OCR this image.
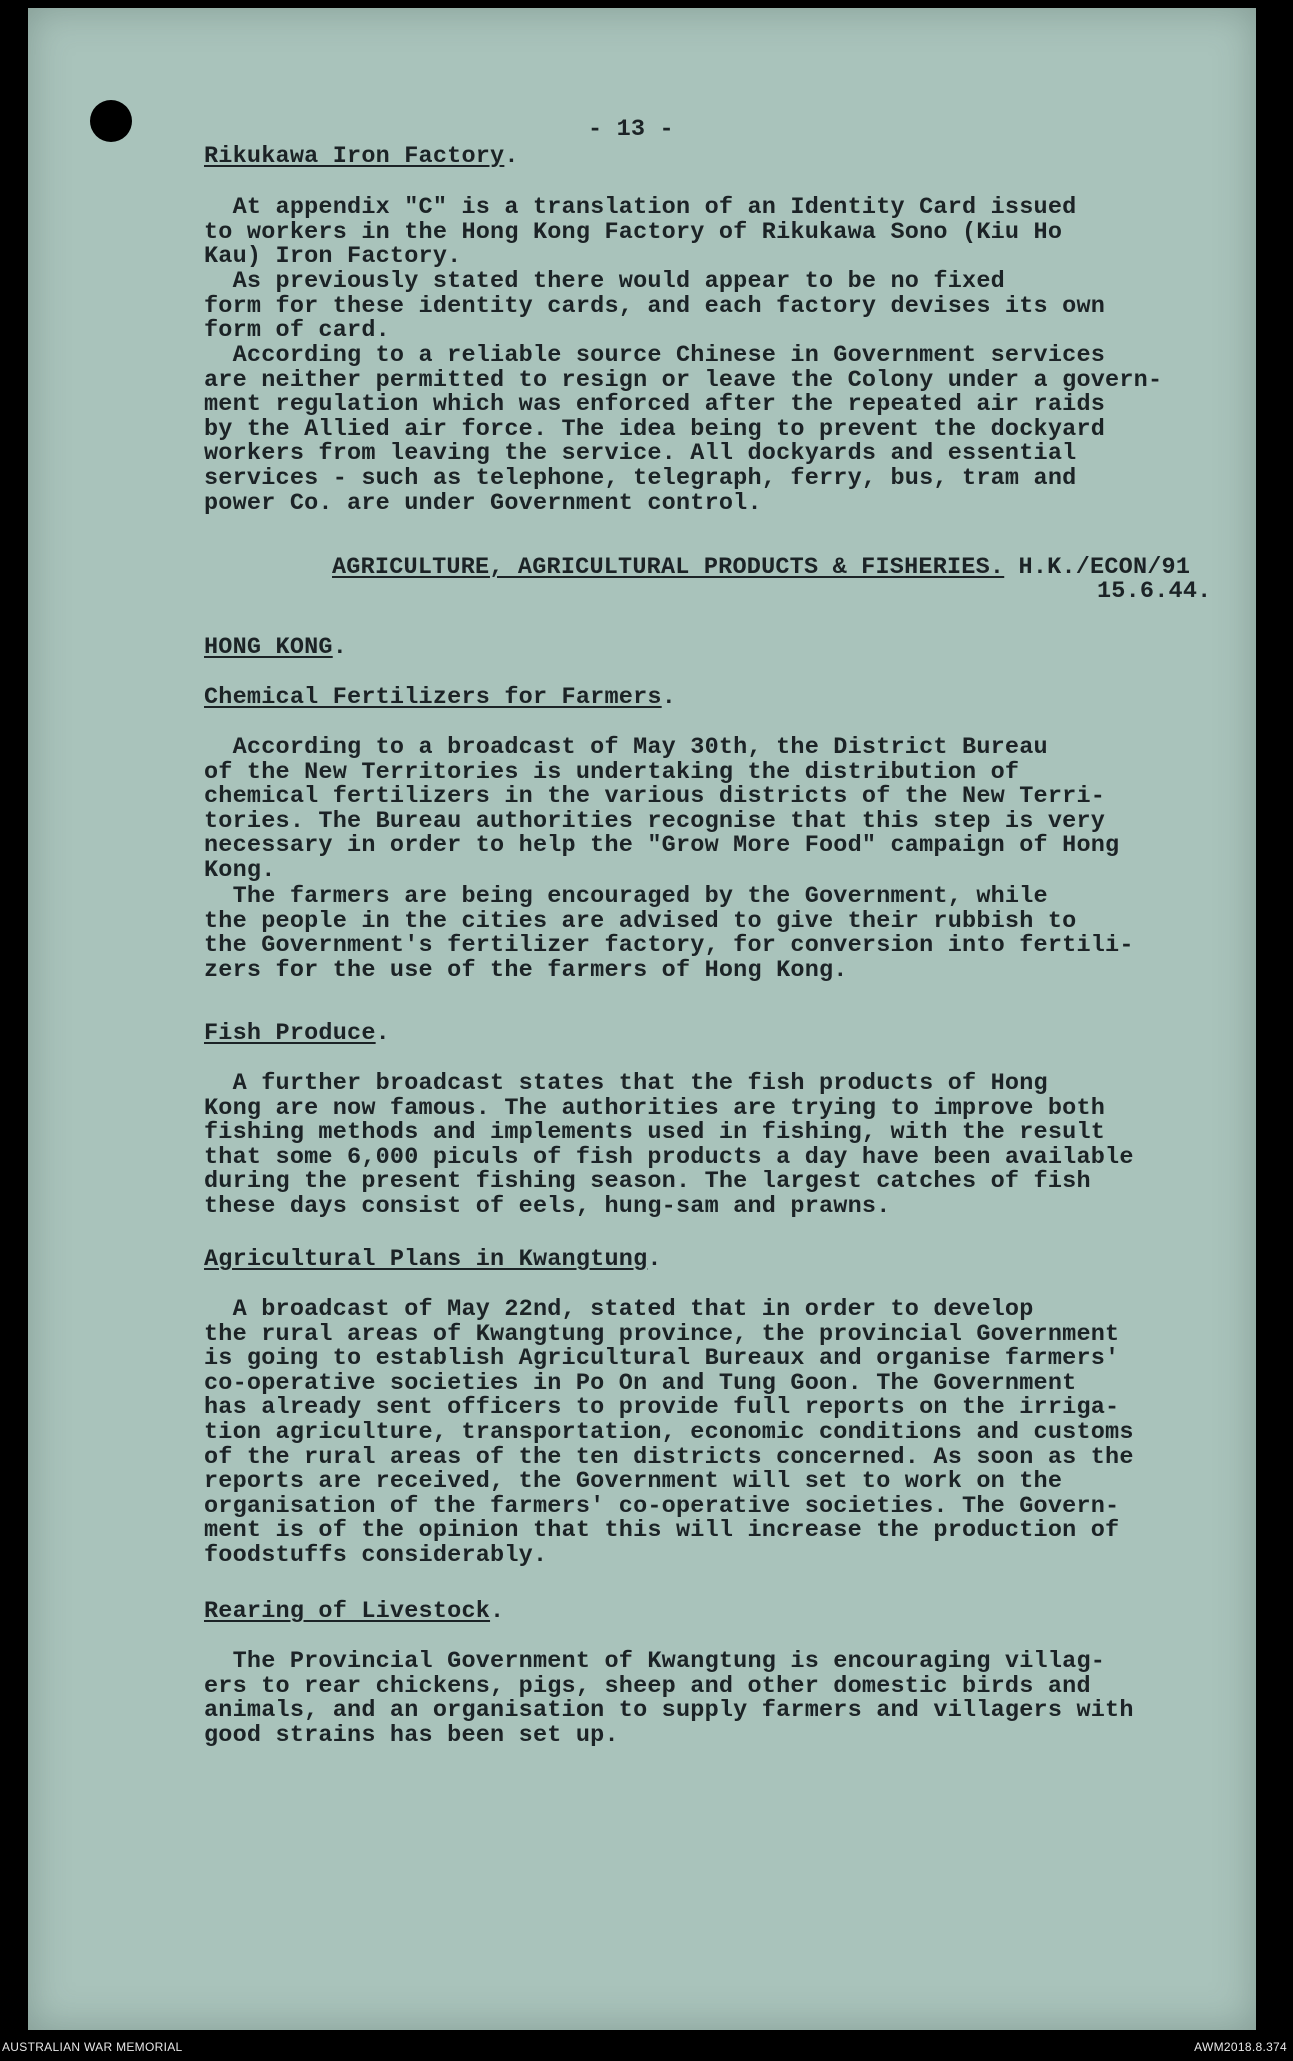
- 13 -
Rikukawa Iron Factory.
At appendix "C" is a translation of an Identity Card issued
to workers in the Hong Kong Factory of Rikukawa Sono (Kiu Ho
Kau) Iron Factory.
As previously stated there would appear to be no fixed
form for these identity cards, and each factory devises its own
form of card.
According to a reliable source Chinese in Government services
are neither permitted to resign or leave the Colony under a govern-
ment regulation which was enforced after the repeated air raids
by the Allied air force. The idea being to prevent the dockyard
workers from leaving the service. All dockyards and essential
services - such as telephone, telegraph, ferry, bus, tram and
power Co. are under Government control.
AGRICULTURE, AGRICULTURAL PRODUCTS & FISHERIES. H.K./ECON/91
15.6.44.
HONG KONG.
Chemical Fertilizers for Farmers.
According to a broadcast of May 30th, the District Bureau
of the New Territories is undertaking the distribution of
chemical fertilizers in the various districts of the New Terri-
tories. The Bureau authorities recognise that this step is very
necessary in order to help the "Grow More Food" campaign of Hong
Kong.
The farmers are being encouraged by the Government, while
the people in the cities are advised to give their rubbish to
the Government's fertilizer factory, for conversion into fertili-
zers for the use of the farmers of Hong Kong.
Fish Produce.
A further broadcast states that the fish products of Hong
Kong are now famous. The authorities are trying to improve both
fishing methods and implements used in fishing, with the result
that some 6,000 piculs of fish products a day have been available
during the present fishing season. The largest catches of fish
these days consist of eels, hung-sam and prawns.
Agricultural Plans in Kwangtung.
A broadcast of May 22nd, stated that in order to develop
the rural areas of Kwangtung province, the provincial Government
is going to establish Agricultural Bureaux and organise farmers'
co-operative societies in Po On and Tung Goon. The Government
has already sent officers to provide full reports on the irriga-
tion agriculture, transportation, economic conditions and customs
of the rural areas of the ten districts concerned. As soon as the
reports are received, the Government will set to work on the
organisation of the farmers' co-operative societies. The Govern-
ment is of the opinion that this will increase the production of
foodstuffs considerably.
Rearing of Livestock.
The Provincial Government of Kwangtung is encouraging villag-
ers to rear chickens, pigs, sheep and other domestic birds and
animals, and an organisation to supply farmers and villagers with
good strains has been set up.
AUSTRALIAN WAR MEMORIAL	AWM2018.8.374
